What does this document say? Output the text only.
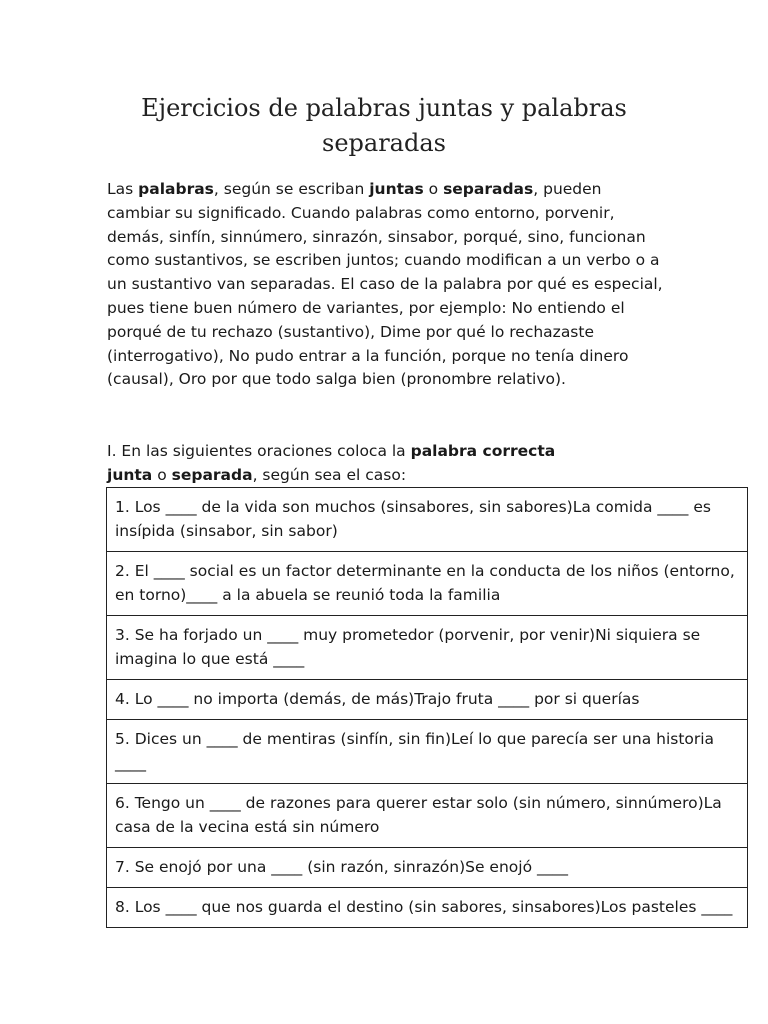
Ejercicios de palabras juntas y palabras separadas

Las palabras, según se escriban juntas o separadas, pueden cambiar su significado. Cuando palabras como entorno, porvenir, demás, sinfín, sinnúmero, sinrazón, sinsabor, porqué, sino, funcionan como sustantivos, se escriben juntos; cuando modifican a un verbo o a un sustantivo van separadas. El caso de la palabra por qué es especial, pues tiene buen número de variantes, por ejemplo: No entiendo el porqué de tu rechazo (sustantivo), Dime por qué lo rechazaste (interrogativo), No pudo entrar a la función, porque no tenía dinero (causal), Oro por que todo salga bien (pronombre relativo).

I. En las siguientes oraciones coloca la palabra correcta
junta o separada, según sea el caso:

1. Los ____ de la vida son muchos (sinsabores, sin sabores)La comida ____ es insípida (sinsabor, sin sabor)
2. El ____ social es un factor determinante en la conducta de los niños (entorno, en torno)____ a la abuela se reunió toda la familia
3. Se ha forjado un ____ muy prometedor (porvenir, por venir)Ni siquiera se imagina lo que está ____
4. Lo ____ no importa (demás, de más)Trajo fruta ____ por si querías
5. Dices un ____ de mentiras (sinfín, sin fin)Leí lo que parecía ser una historia ____
6. Tengo un ____ de razones para querer estar solo (sin número, sinnúmero)La casa de la vecina está sin número
7. Se enojó por una ____ (sin razón, sinrazón)Se enojó ____
8. Los ____ que nos guarda el destino (sin sabores, sinsabores)Los pasteles ____
